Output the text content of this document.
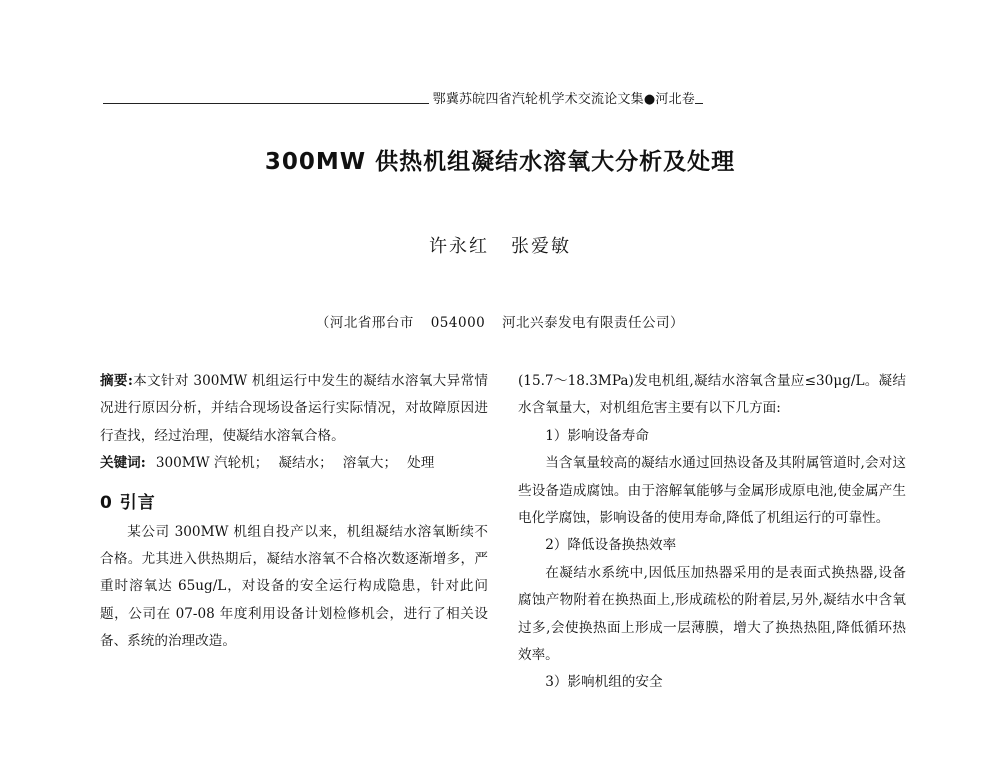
鄂冀苏皖四省汽轮机学术交流论文集●河北卷
300MW 供热机组凝结水溶氧大分析及处理
许永红 张爱敏
（河北省邢台市 054000 河北兴泰发电有限责任公司）

摘要:本文针对 300MW 机组运行中发生的凝结水溶氧大异常情况进行原因分析，并结合现场设备运行实际情况，对故障原因进行查找，经过治理，使凝结水溶氧合格。

关键词: 300MW 汽轮机； 凝结水； 溶氧大； 处理

0 引言

某公司 300MW 机组自投产以来，机组凝结水溶氧断续不合格。尤其进入供热期后，凝结水溶氧不合格次数逐渐增多，严重时溶氧达 65ug/L，对设备的安全运行构成隐患，针对此问题，公司在 07-08 年度利用设备计划检修机会，进行了相关设备、系统的治理改造。

(15.7～18.3MPa)发电机组,凝结水溶氧含量应≤30μg/L。凝结水含氧量大，对机组危害主要有以下几方面:

1）影响设备寿命

当含氧量较高的凝结水通过回热设备及其附属管道时,会对这些设备造成腐蚀。由于溶解氧能够与金属形成原电池,使金属产生电化学腐蚀，影响设备的使用寿命,降低了机组运行的可靠性。

2）降低设备换热效率

在凝结水系统中,因低压加热器采用的是表面式换热器,设备腐蚀产物附着在换热面上,形成疏松的附着层,另外,凝结水中含氧过多,会使换热面上形成一层薄膜，增大了换热热阻,降低循环热效率。

3）影响机组的安全
